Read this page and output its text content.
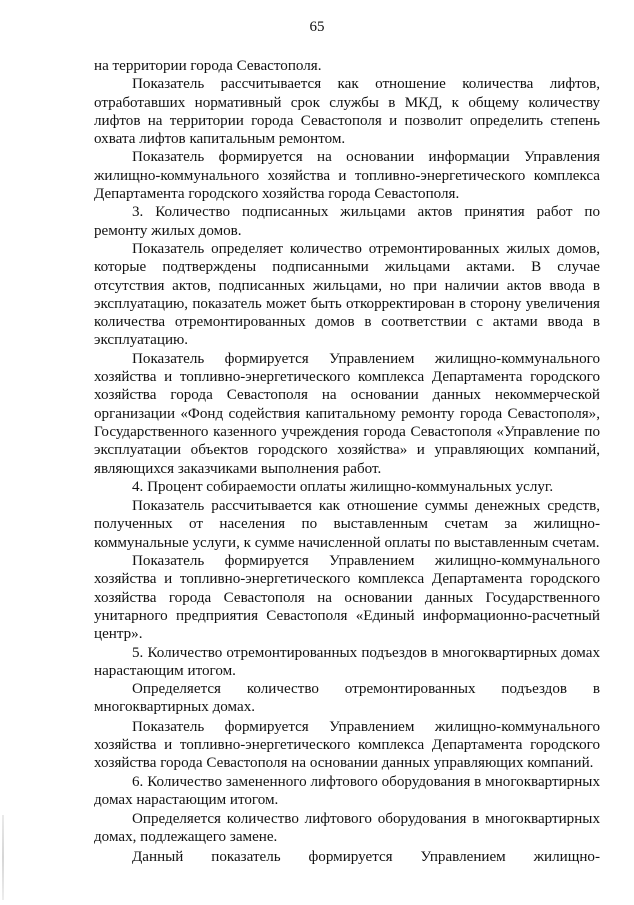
65

на территории города Севастополя.

Показатель рассчитывается как отношение количества лифтов, отработавших нормативный срок службы в МКД, к общему количеству лифтов на территории города Севастополя и позволит определить степень охвата лифтов капитальным ремонтом.

Показатель формируется на основании информации Управления жилищно-коммунального хозяйства и топливно-энергетического комплекса Департамента городского хозяйства города Севастополя.

3. Количество подписанных жильцами актов принятия работ по ремонту жилых домов.

Показатель определяет количество отремонтированных жилых домов, которые подтверждены подписанными жильцами актами. В случае отсутствия актов, подписанных жильцами, но при наличии актов ввода в эксплуатацию, показатель может быть откорректирован в сторону увеличения количества отремонтированных домов в соответствии с актами ввода в эксплуатацию.

Показатель формируется Управлением жилищно-коммунального хозяйства и топливно-энергетического комплекса Департамента городского хозяйства города Севастополя на основании данных некоммерческой организации «Фонд содействия капитальному ремонту города Севастополя», Государственного казенного учреждения города Севастополя «Управление по эксплуатации объектов городского хозяйства» и управляющих компаний, являющихся заказчиками выполнения работ.

4. Процент собираемости оплаты жилищно-коммунальных услуг.

Показатель рассчитывается как отношение суммы денежных средств, полученных от населения по выставленным счетам за жилищно-коммунальные услуги, к сумме начисленной оплаты по выставленным счетам.

Показатель формируется Управлением жилищно-коммунального хозяйства и топливно-энергетического комплекса Департамента городского хозяйства города Севастополя на основании данных Государственного унитарного предприятия Севастополя «Единый информационно-расчетный центр».

5. Количество отремонтированных подъездов в многоквартирных домах нарастающим итогом.

Определяется количество отремонтированных подъездов в многоквартирных домах.

Показатель формируется Управлением жилищно-коммунального хозяйства и топливно-энергетического комплекса Департамента городского хозяйства города Севастополя на основании данных управляющих компаний.

6. Количество замененного лифтового оборудования в многоквартирных домах нарастающим итогом.

Определяется количество лифтового оборудования в многоквартирных домах, подлежащего замене.

Данный показатель формируется Управлением жилищно-
